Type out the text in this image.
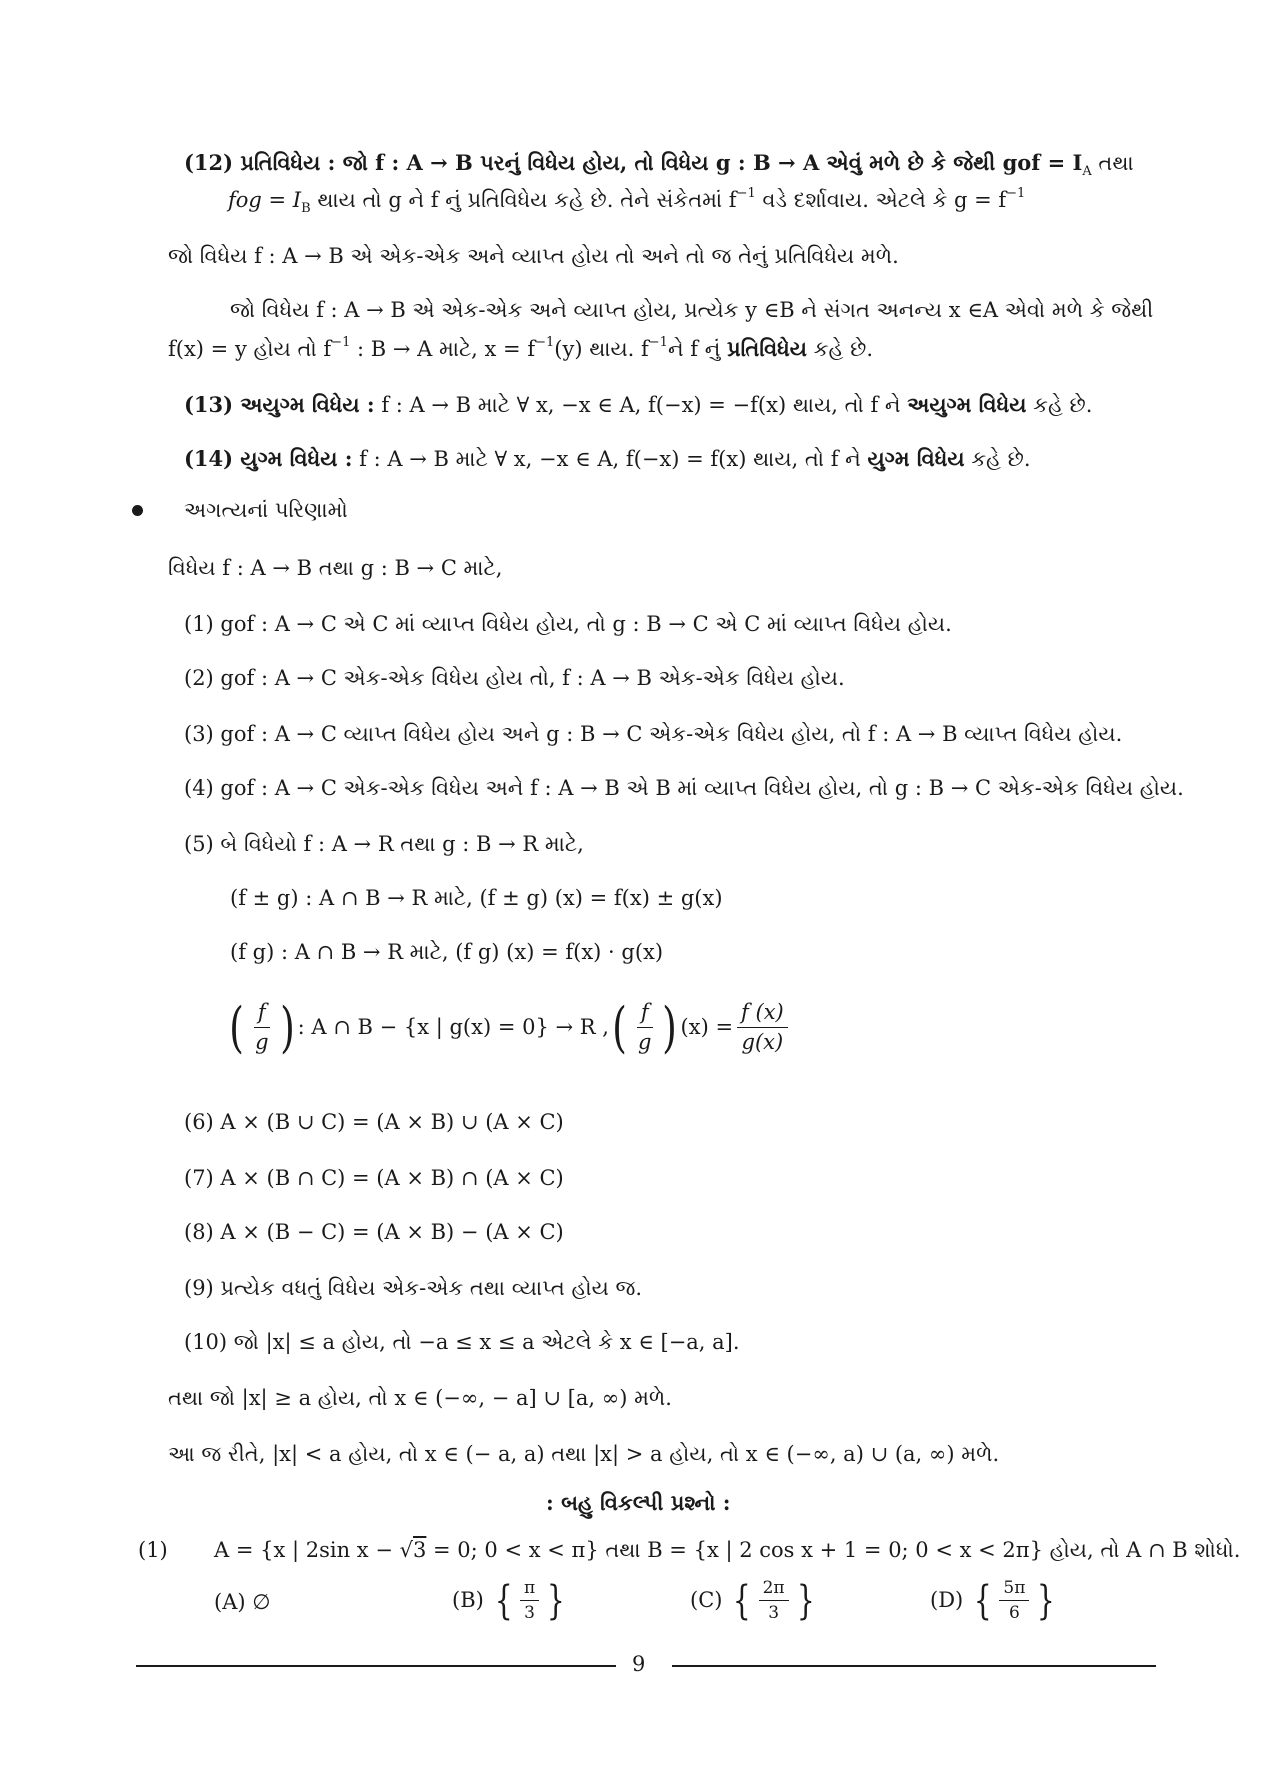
(12) પ્રતિવિધેય : જો f : A → B પરનું વિધેય હોય, તો વિધેય g : B → A એવું મળે છે કે જેથી gof = $I_A$ તથા
fog = $I_B$ થાય તો g ને f નું પ્રતિવિધેય કહે છે. તેને સંકેતમાં $f^{-1}$ વડે દર્શાવાય. એટલે કે $g = f^{-1}$
જો વિધેય f : A → B એ એક-એક અને વ્યાપ્ત હોય તો અને તો જ તેનું પ્રતિવિધેય મળે.
જો વિધેય f : A → B એ એક-એક અને વ્યાપ્ત હોય, પ્રત્યેક y ∈B ને સંગત અનન્ય x ∈A એવો મળે કે જેથી
f(x) = y હોય તો $f^{-1}$ : B → A માટે, $x = f^{-1}(y)$ થાય. $f^{-1}ને$ f નું પ્રતિવિધેય કહે છે.
(13) અયુગ્મ વિધેય : f : A → B માટે ∀ x, −x ∈ A, f(−x) = −f(x) થાય, તો f ને અયુગ્મ વિધેય કહે છે.
(14) યુગ્મ વિધેય : f : A → B માટે ∀ x, −x ∈ A, f(−x) = f(x) થાય, તો f ને યુગ્મ વિધેય કહે છે.
અગત્યનાં પરિણામો
વિધેય f : A → B તથા g : B → C માટે,
(1) gof : A → C એ C માં વ્યાપ્ત વિધેય હોય, તો g : B → C એ C માં વ્યાપ્ત વિધેય હોય.
(2) gof : A → C એક-એક વિધેય હોય તો, f : A → B એક-એક વિધેય હોય.
(3) gof : A → C વ્યાપ્ત વિધેય હોય અને g : B → C એક-એક વિધેય હોય, તો f : A → B વ્યાપ્ત વિધેય હોય.
(4) gof : A → C એક-એક વિધેય અને f : A → B એ B માં વ્યાપ્ત વિધેય હોય, તો g : B → C એક-એક વિધેય હોય.
(5) બે વિધેયો f : A → R તથા g : B → R માટે,
(f ± g) : A ∩ B → R માટે, (f ± g) (x) = f(x) ± g(x)
(f g) : A ∩ B → R માટે, (f g) (x) = f(x) · g(x)
( $\frac{f}{g}$ ) : A ∩ B − {x | g(x) = 0} → R , ( $\frac{f}{g}$ ) $(x) = \frac{f (x)}{g(x)}$
(6) A × (B ∪ C) = (A × B) ∪ (A × C)
(7) A × (B ∩ C) = (A × B) ∩ (A × C)
(8) A × (B − C) = (A × B) − (A × C)
(9) પ્રત્યેક વધતું વિધેય એક-એક તથા વ્યાપ્ત હોય જ.
(10) જો |x| ≤ a હોય, તો −a ≤ x ≤ a એટલે કે x ∈ [−a, a].
તથા જો |x| ≥ a હોય, તો x ∈ (−∞, − a] ∪ [a, ∞) મળે.
આ જ રીતે, |x| < a હોય, તો x ∈ (− a, a) તથા |x| > a હોય, તો x ∈ (−∞, a) ∪ (a, ∞) મળે.
: બહુ વિકલ્પી પ્રશ્નો :
(1) A = {x | 2sin x − √3 = 0; 0 < x < π} તથા B = {x | 2 cos x + 1 = 0; 0 < x < 2π} હોય, તો A ∩ B શોધો.
(A)
∅	(B)
{ $\frac{\pi}{3}$ }	(C)
{ $\frac{2\pi}{3}$ }	(D)
{ $\frac{5\pi}{6}$ }
9
